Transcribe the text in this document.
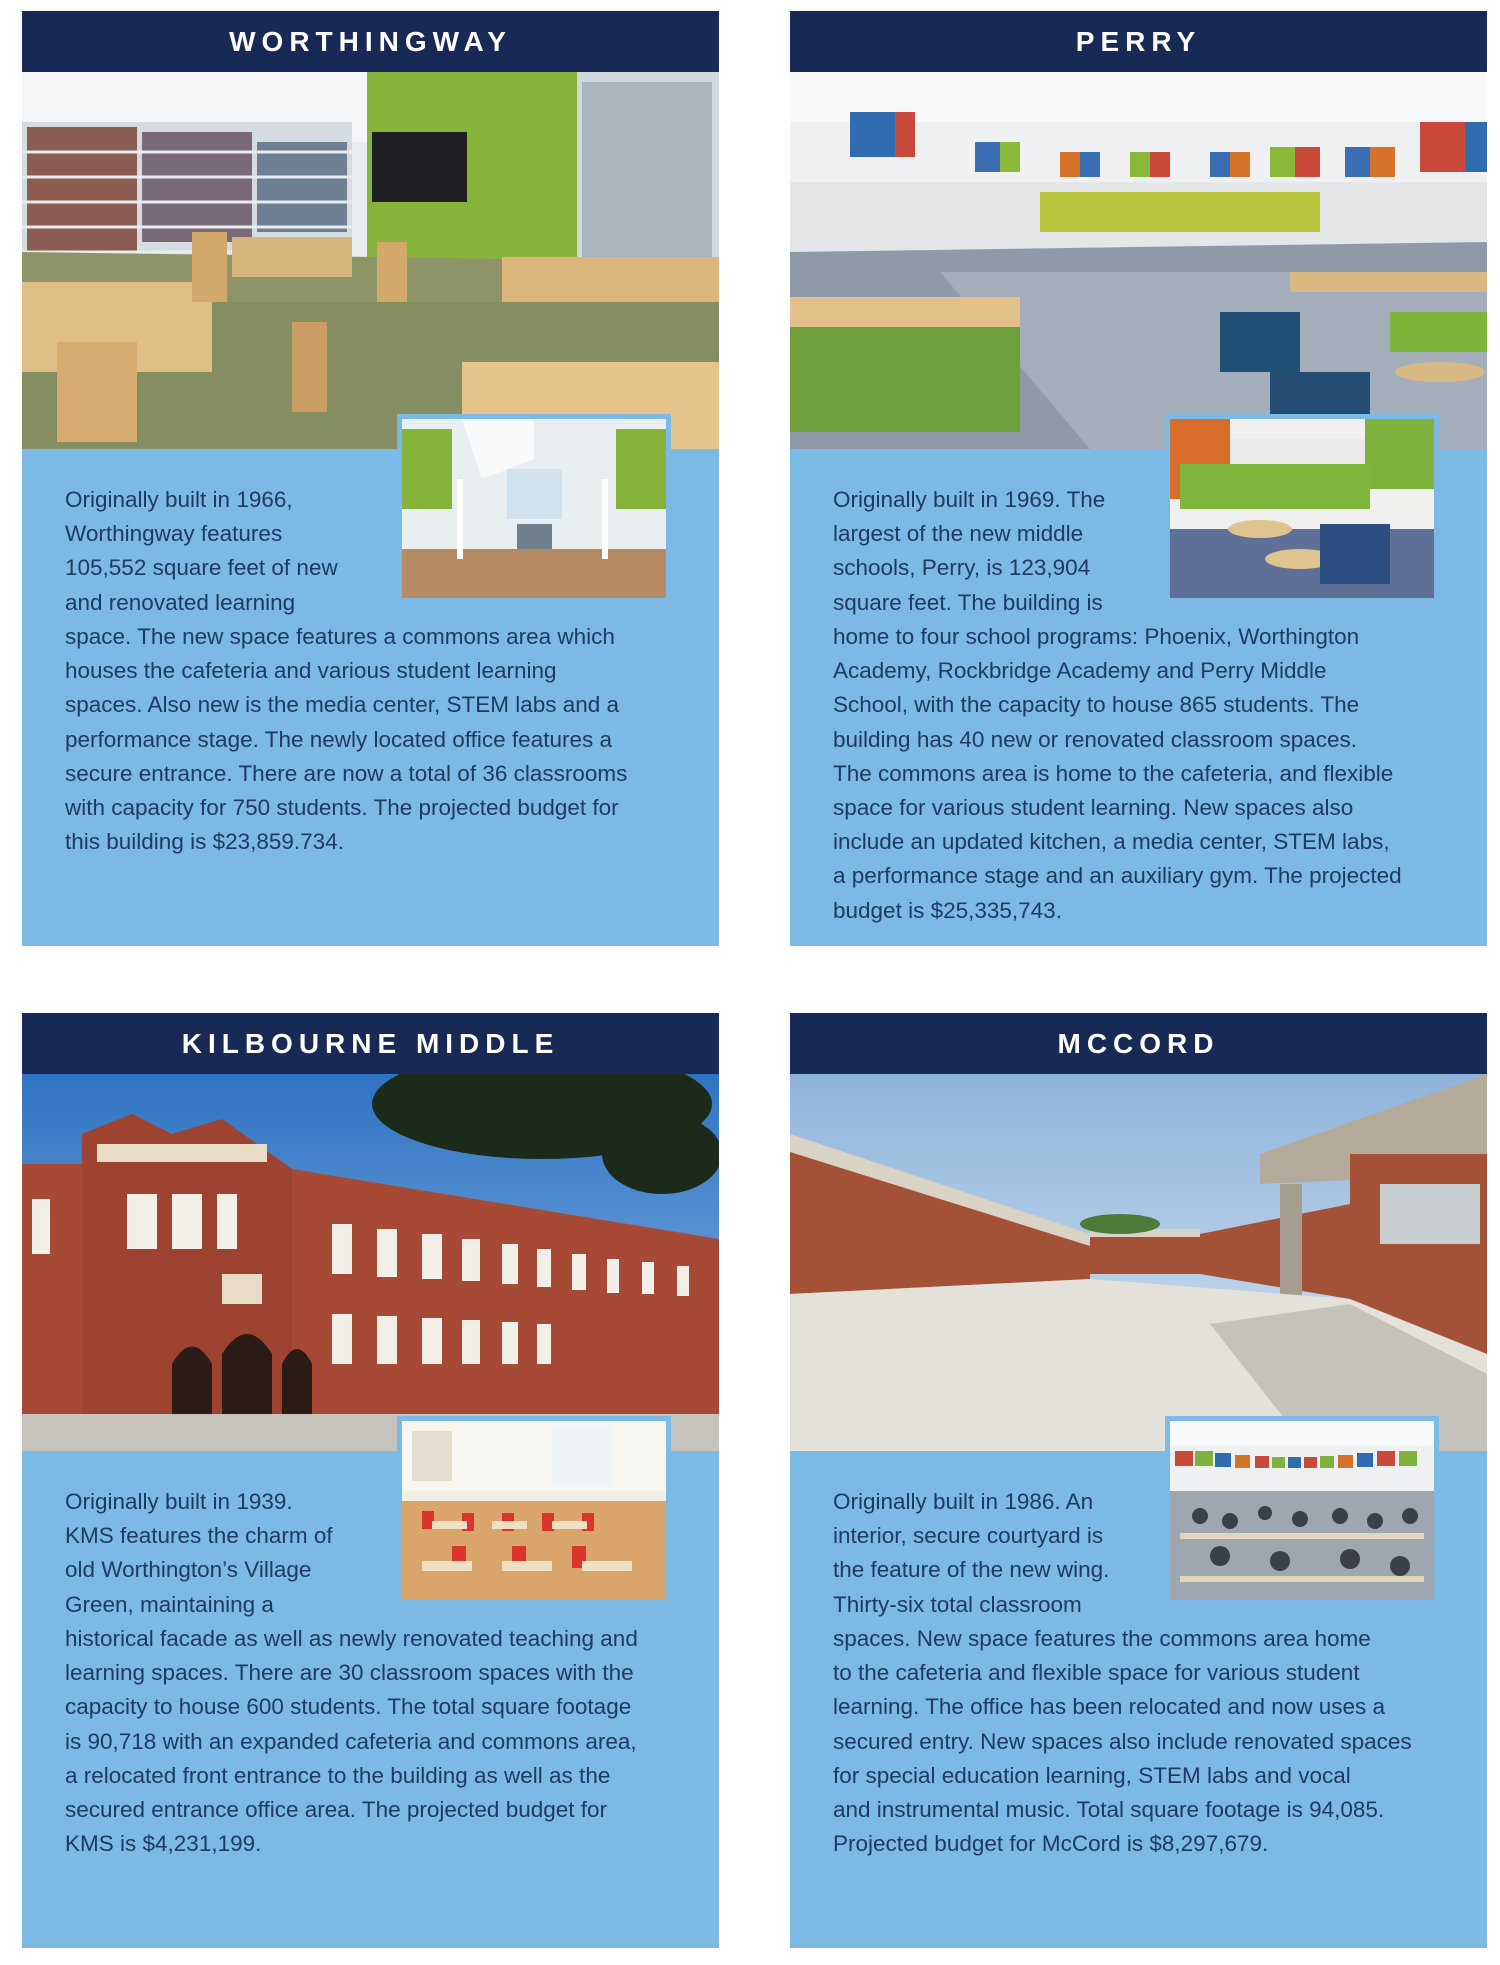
WORTHINGWAY
Originally built in 1966,
Worthingway features
105,552 square feet of new
and renovated learning
space. The new space features a commons area which
houses the cafeteria and various student learning
spaces. Also new is the media center, STEM labs and a
performance stage. The newly located office features a
secure entrance. There are now a total of 36 classrooms
with capacity for 750 students. The projected budget for
this building is $23,859.734.
PERRY
Originally built in 1969. The
largest of the new middle
schools, Perry, is 123,904
square feet. The building is
home to four school programs: Phoenix, Worthington
Academy, Rockbridge Academy and Perry Middle
School, with the capacity to house 865 students. The
building has 40 new or renovated classroom spaces.
The commons area is home to the cafeteria, and flexible
space for various student learning. New spaces also
include an updated kitchen, a media center, STEM labs,
a performance stage and an auxiliary gym. The projected
budget is $25,335,743.
KILBOURNE MIDDLE
Originally built in 1939.
KMS features the charm of
old Worthington’s Village
Green, maintaining a
historical facade as well as newly renovated teaching and
learning spaces. There are 30 classroom spaces with the
capacity to house 600 students. The total square footage
is 90,718 with an expanded cafeteria and commons area,
a relocated front entrance to the building as well as the
secured entrance office area. The projected budget for
KMS is $4,231,199.
MCCORD
Originally built in 1986. An
interior, secure courtyard is
the feature of the new wing.
Thirty-six total classroom
spaces. New space features the commons area home
to the cafeteria and flexible space for various student
learning. The office has been relocated and now uses a
secured entry. New spaces also include renovated spaces
for special education learning, STEM labs and vocal
and instrumental music. Total square footage is 94,085.
Projected budget for McCord is $8,297,679.
